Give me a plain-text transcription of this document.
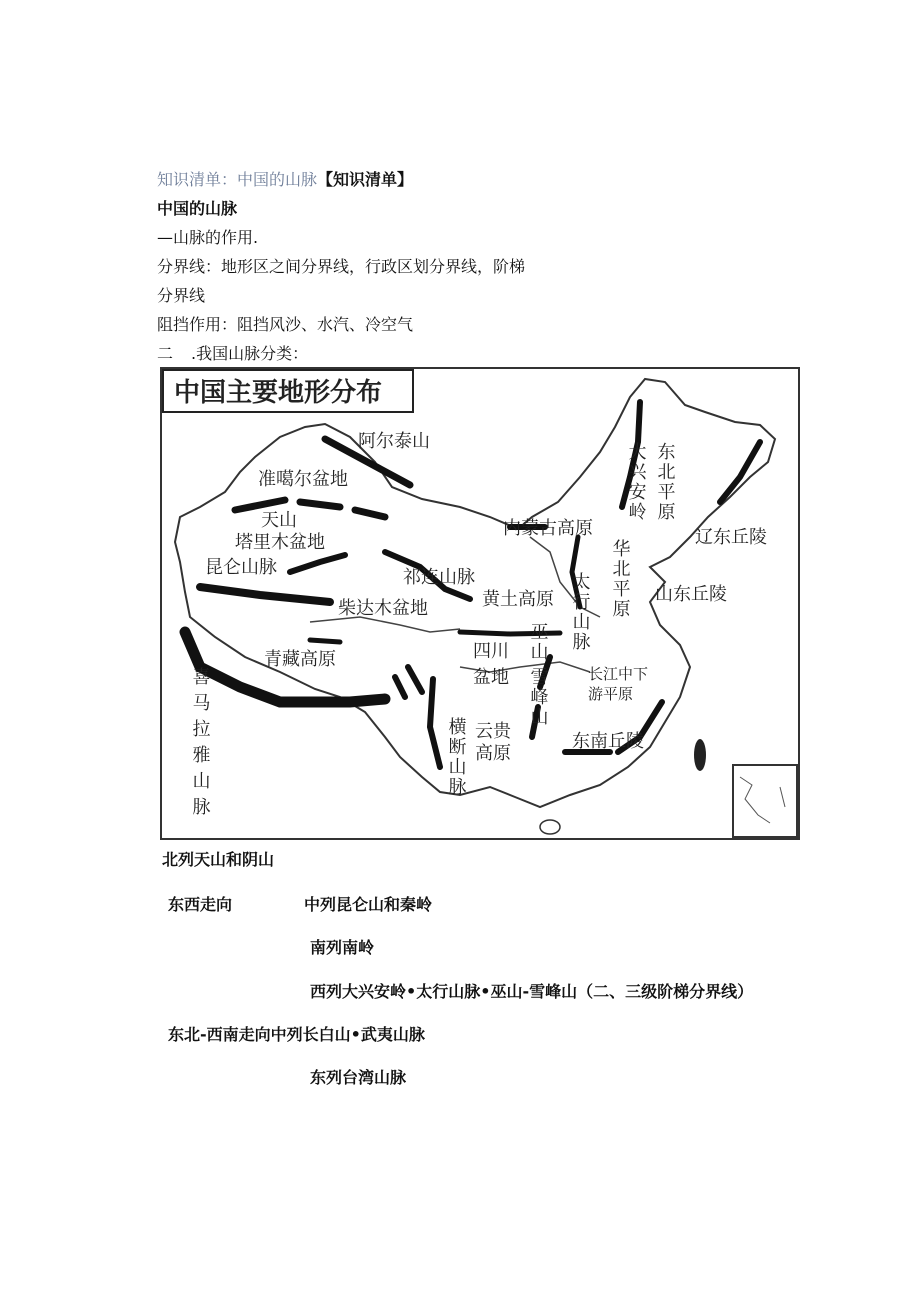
知识清单：中国的山脉【知识清单】
中国的山脉
—山脉的作用.
分界线：地形区之间分界线，行政区划分界线，阶梯
分界线
阻挡作用：阻挡风沙、水汽、冷空气
二 .我国山脉分类：
中国主要地形分布
阿尔泰山
准噶尔盆地
天山
塔里木盆地
昆仑山脉	祁连山脉
柴达木盆地
青藏高原
内蒙古高原
黄土高原
四川
盆地	长江中下
游平原
云贵
高原
东南丘陵
辽东丘陵
山东丘陵
大兴安岭 东北平原
太行山脉 华北平原
巫山
雪峰山
横断山脉
喜马拉雅山脉
北列天山和阴山
东西走向	中列昆仑山和秦岭
南列南岭
西列大兴安岭•太行山脉•巫山-雪峰山（二、三级阶梯分界线）
东北-西南走向中列长白山•武夷山脉
东列台湾山脉
